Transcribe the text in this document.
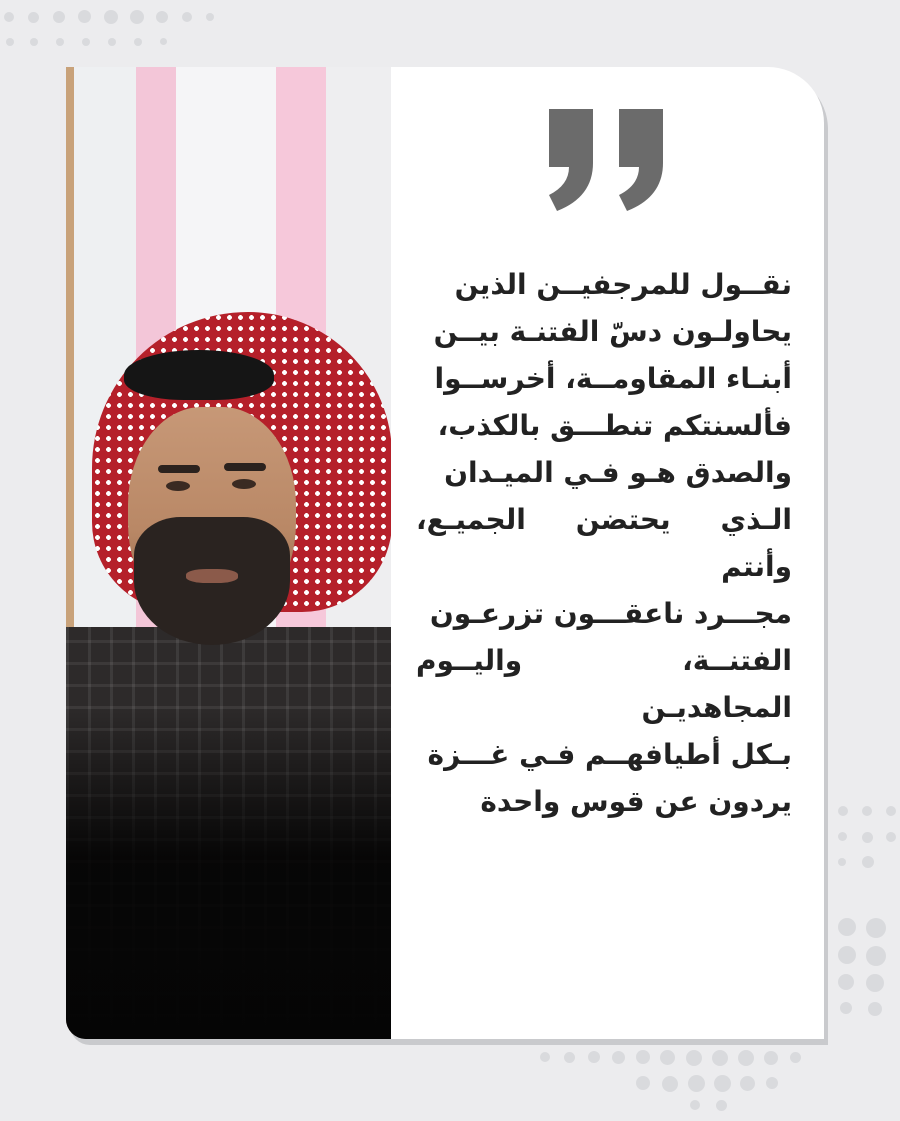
نقــول للمرجفيــن الذين
يحاولـون دسّ الفتنـة بيــن
أبنـاء المقاومــة، أخرســوا
فألسنتكم تنطـــق بالكذب،
والصدق هـو فـي الميـدان
الـذي يحتضن الجميـع، وأنتم
مجـــرد ناعقـــون تزرعـون
الفتنــة، واليــوم المجاهديـن
بـكل أطيافهــم فـي غـــزة
يردون عن قوس واحدة
